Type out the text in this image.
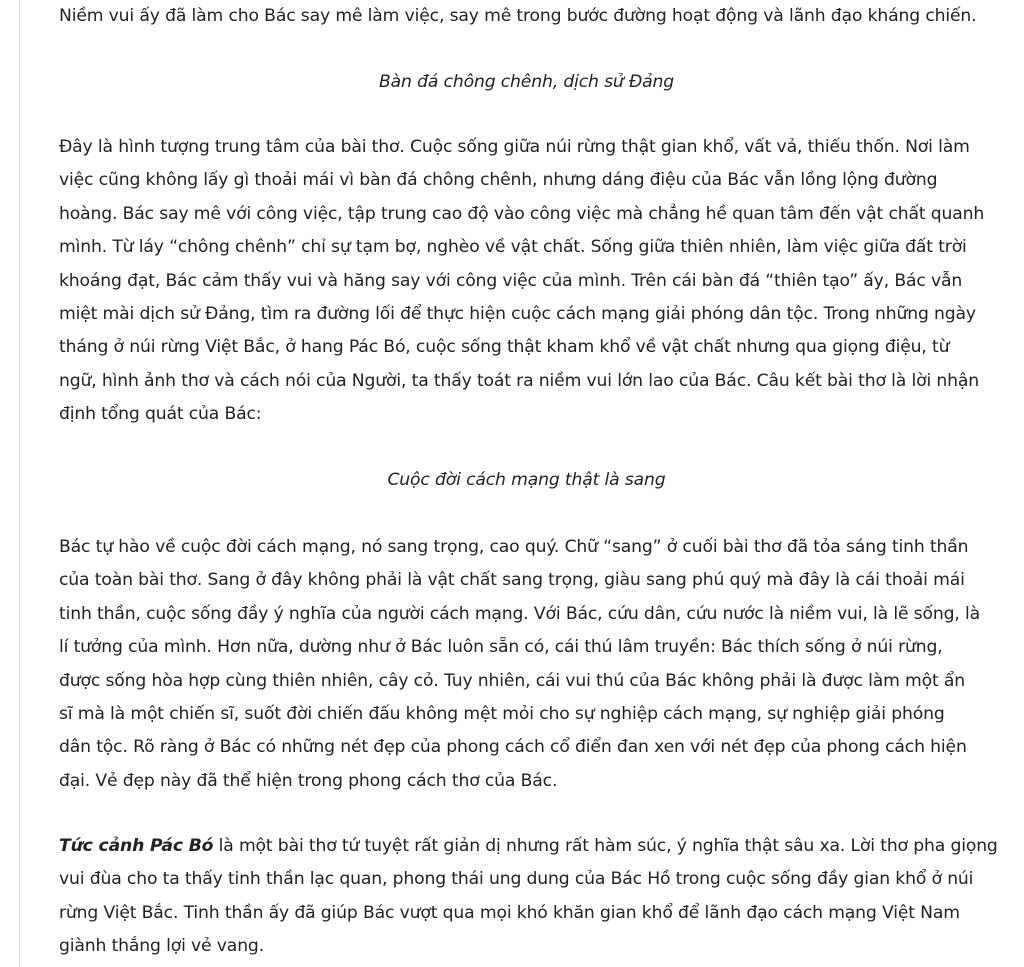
Niềm vui ấy đã làm cho Bác say mê làm việc, say mê trong bước đường hoạt động và lãnh đạo kháng chiến.

Bàn đá chông chênh, dịch sử Đảng

Đây là hình tượng trung tâm của bài thơ. Cuộc sống giữa núi rừng thật gian khổ, vất vả, thiếu thốn. Nơi làm
việc cũng không lấy gì thoải mái vì bàn đá chông chênh, nhưng dáng điệu của Bác vẫn lồng lộng đường
hoàng. Bác say mê với công việc, tập trung cao độ vào công việc mà chẳng hề quan tâm đến vật chất quanh
mình. Từ láy “chông chênh” chỉ sự tạm bợ, nghèo về vật chất. Sống giữa thiên nhiên, làm việc giữa đất trời
khoáng đạt, Bác cảm thấy vui và hăng say với công việc của mình. Trên cái bàn đá “thiên tạo” ấy, Bác vẫn
miệt mài dịch sử Đảng, tìm ra đường lối để thực hiện cuộc cách mạng giải phóng dân tộc. Trong những ngày
tháng ở núi rừng Việt Bắc, ở hang Pác Bó, cuộc sống thật kham khổ về vật chất nhưng qua giọng điệu, từ
ngữ, hình ảnh thơ và cách nói của Người, ta thấy toát ra niềm vui lớn lao của Bác. Câu kết bài thơ là lời nhận
định tổng quát của Bác:

Cuộc đời cách mạng thật là sang

Bác tự hào về cuộc đời cách mạng, nó sang trọng, cao quý. Chữ “sang” ở cuối bài thơ đã tỏa sáng tinh thần
của toàn bài thơ. Sang ở đây không phải là vật chất sang trọng, giàu sang phú quý mà đây là cái thoải mái
tinh thần, cuộc sống đầy ý nghĩa của người cách mạng. Với Bác, cứu dân, cứu nước là niềm vui, là lẽ sống, là
lí tưởng của mình. Hơn nữa, dường như ở Bác luôn sẵn có, cái thú lâm truyền: Bác thích sống ở núi rừng,
được sống hòa hợp cùng thiên nhiên, cây cỏ. Tuy nhiên, cái vui thú của Bác không phải là được làm một ẩn
sĩ mà là một chiến sĩ, suốt đời chiến đấu không mệt mỏi cho sự nghiệp cách mạng, sự nghiệp giải phóng
dân tộc. Rõ ràng ở Bác có những nét đẹp của phong cách cổ điển đan xen với nét đẹp của phong cách hiện
đại. Vẻ đẹp này đã thể hiện trong phong cách thơ của Bác.

Tức cảnh Pác Bó là một bài thơ tứ tuyệt rất giản dị nhưng rất hàm súc, ý nghĩa thật sâu xa. Lời thơ pha giọng
vui đùa cho ta thấy tinh thần lạc quan, phong thái ung dung của Bác Hồ trong cuộc sống đầy gian khổ ở núi
rừng Việt Bắc. Tinh thần ấy đã giúp Bác vượt qua mọi khó khăn gian khổ để lãnh đạo cách mạng Việt Nam
giành thắng lợi vẻ vang.
